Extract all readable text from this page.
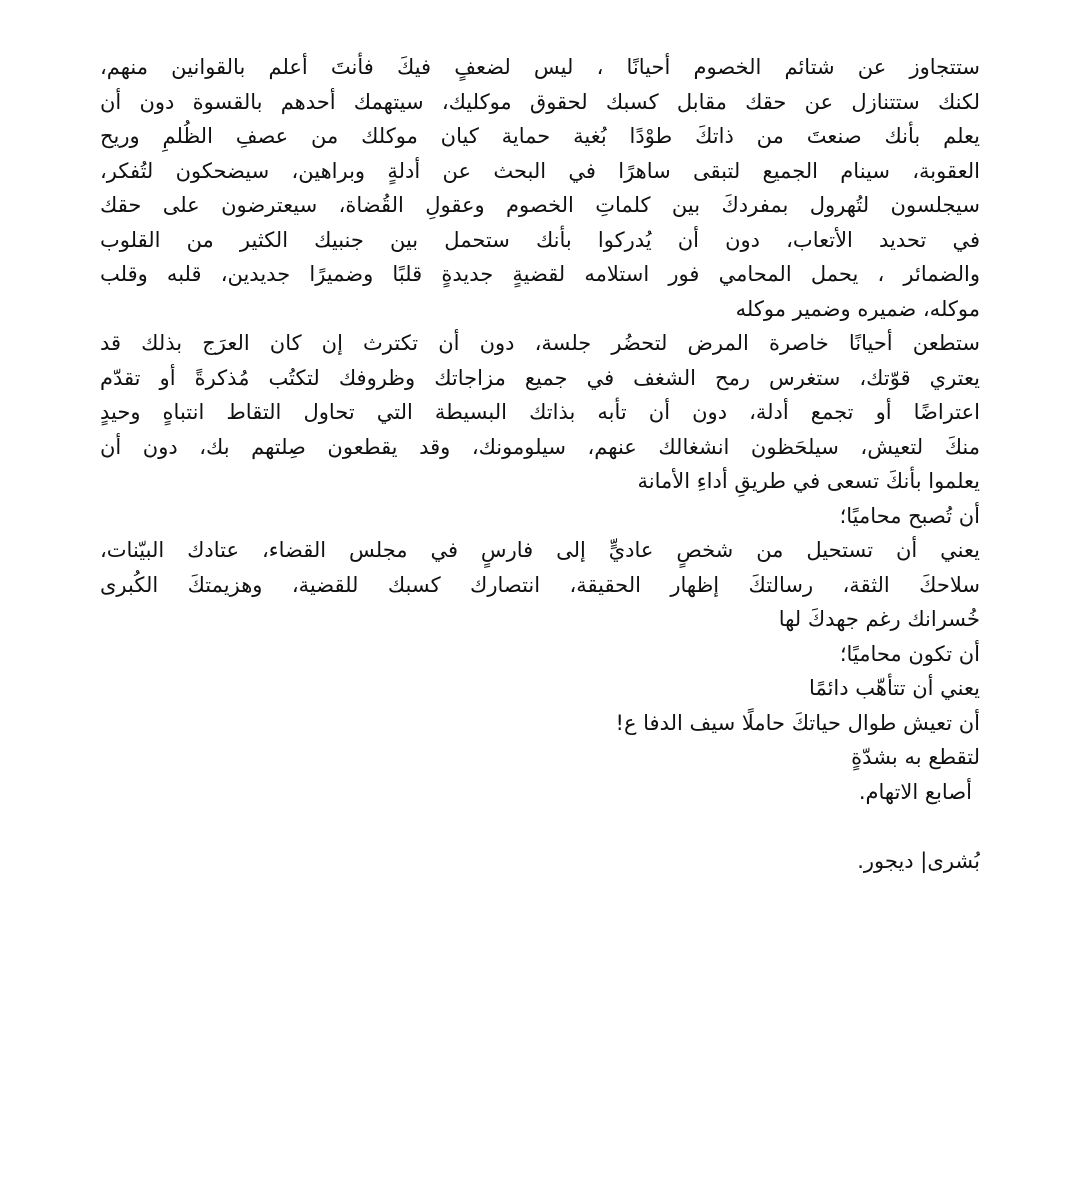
ستتجاوز عن شتائم الخصوم أحيانًا ، ليس لضعفٍ فيكَ فأنتَ أعلم بالقوانين منهم،
لكنك ستتنازل عن حقك مقابل كسبك لحقوق موكليك، سيتهمك أحدهم بالقسوة دون أن
يعلم بأنك صنعتَ من ذاتكَ طوْدًا بُغية حماية كيان موكلك من عصفِ الظُلمِ وريح
العقوبة، سينام الجميع لتبقى ساهرًا في البحث عن أدلةٍ وبراهين، سيضحكون لتُفكر،
سيجلسون لتُهرول بمفردكَ بين كلماتِ الخصوم وعقولِ القُضاة، سيعترضون على حقك
في تحديد الأتعاب، دون أن يُدركوا بأنك ستحمل بين جنبيك الكثير من القلوب
والضمائر ، يحمل المحامي فور استلامه لقضيةٍ جديدةٍ قلبًا وضميرًا جديدين، قلبه وقلب
موكله، ضميره وضمير موكله
ستطعن أحيانًا خاصرة المرض لتحضُر جلسة، دون أن تكترث إن كان العرَج بذلك قد
يعتري قوّتك، ستغرس رمح الشغف في جميع مزاجاتك وظروفك لتكتُب مُذكرةً أو تقدّم
اعتراضًا أو تجمع أدلة، دون أن تأبه بذاتك البسيطة التي تحاول التقاط انتباهٍ وحيدٍ
منكَ لتعيش، سيلحَظون انشغالك عنهم، سيلومونك، وقد يقطعون صِلتهم بك، دون أن
يعلموا بأنكَ تسعى في طريقِ أداءِ الأمانة
أن تُصبح محاميًا؛
يعني أن تستحيل من شخصٍ عاديٍّ إلى فارسٍ في مجلس القضاء، عتادك البيّنات،
سلاحكَ الثقة، رسالتكَ إظهار الحقيقة، انتصارك كسبك للقضية، وهزيمتكَ الكُبرى
خُسرانك رغم جهدكَ لها
أن تكون محاميًا؛
يعني أن تتأهّب دائمًا
أن تعيش طوال حياتكَ حاملًا سيف الدفا ع!
لتقطع به بشدّةٍ
أصابع الاتهام.
بُشرى| ديجور.
